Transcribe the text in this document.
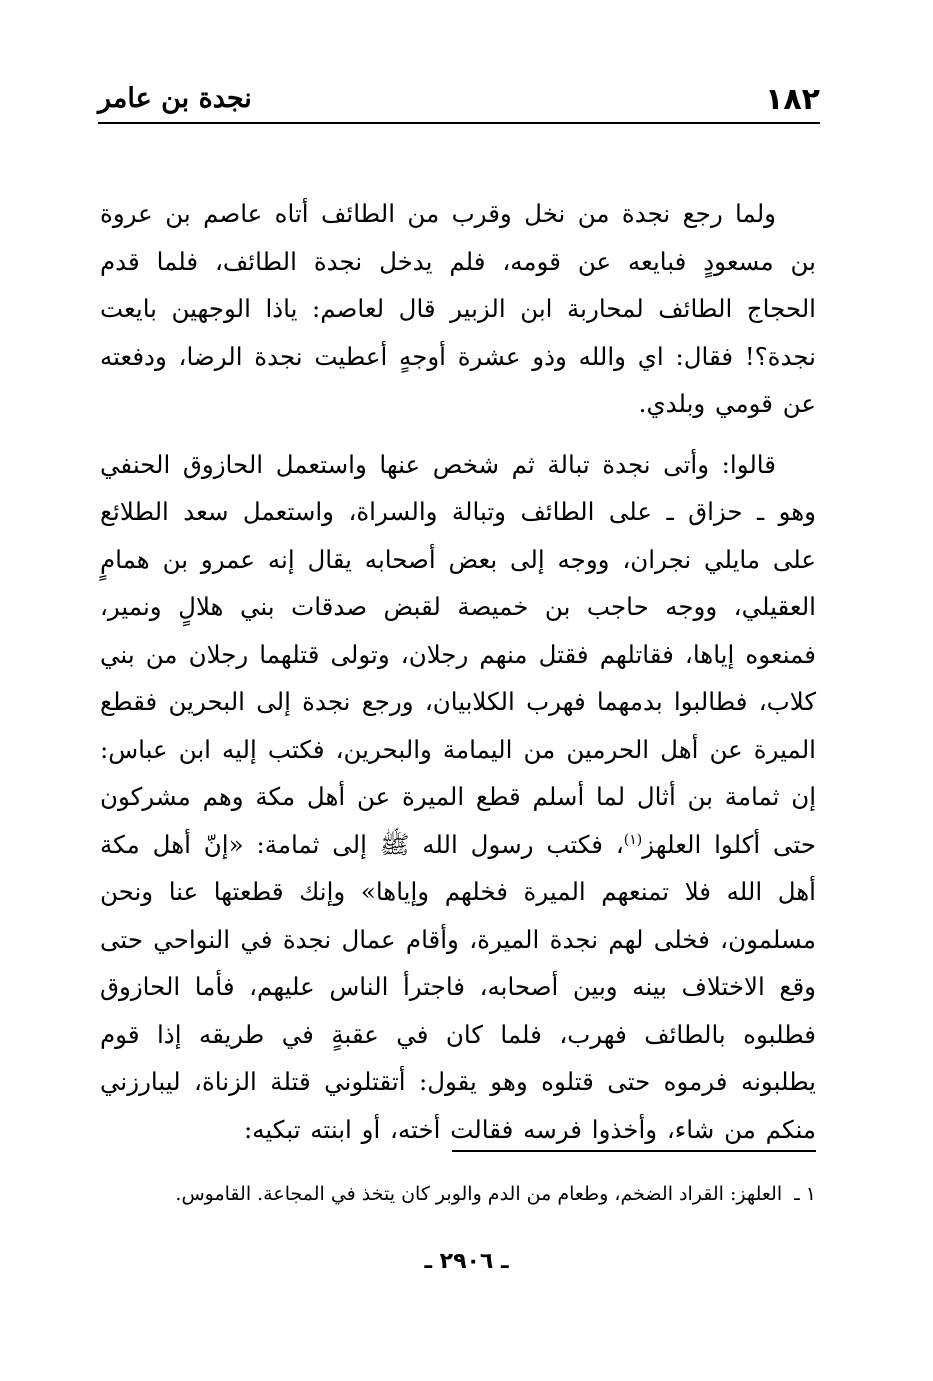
١٨٢
نجدة بن عامر

ولما رجع نجدة من نخل وقرب من الطائف أتاه عاصم بن عروة بن مسعودٍ فبايعه عن قومه، فلم يدخل نجدة الطائف، فلما قدم الحجاج الطائف لمحاربة ابن الزبير قال لعاصم: ياذا الوجهين بايعت نجدة؟! فقال: اي والله وذو عشرة أوجهٍ أعطيت نجدة الرضا، ودفعته عن قومي وبلدي.

قالوا: وأتى نجدة تبالة ثم شخص عنها واستعمل الحازوق الحنفي وهو ـ حزاق ـ على الطائف وتبالة والسراة، واستعمل سعد الطلائع على مايلي نجران، ووجه إلى بعض أصحابه يقال إنه عمرو بن همامٍ العقيلي، ووجه حاجب بن خميصة لقبض صدقات بني هلالٍ ونمير، فمنعوه إياها، فقاتلهم فقتل منهم رجلان، وتولى قتلهما رجلان من بني كلاب، فطالبوا بدمهما فهرب الكلابيان، ورجع نجدة إلى البحرين فقطع الميرة عن أهل الحرمين من اليمامة والبحرين، فكتب إليه ابن عباس: إن ثمامة بن أثال لما أسلم قطع الميرة عن أهل مكة وهم مشركون حتى أكلوا العلهز$^{(١)}$، فكتب رسول الله ﷺ إلى ثمامة: «إنّ أهل مكة أهل الله فلا تمنعهم الميرة فخلهم وإياها» وإنك قطعتها عنا ونحن مسلمون، فخلى لهم نجدة الميرة، وأقام عمال نجدة في النواحي حتى وقع الاختلاف بينه وبين أصحابه، فاجترأ الناس عليهم، فأما الحازوق فطلبوه بالطائف فهرب، فلما كان في عقبةٍ في طريقه إذا قوم يطلبونه فرموه حتى قتلوه وهو يقول: أتقتلوني قتلة الزناة، ليبارزني منكم من شاء، وأخذوا فرسه فقالت أخته، أو ابنته تبكيه:

١ ـ العلهز: القراد الضخم، وطعام من الدم والوبر كان يتخذ في المجاعة. القاموس.
ـ ٢٩٠٦ ـ
